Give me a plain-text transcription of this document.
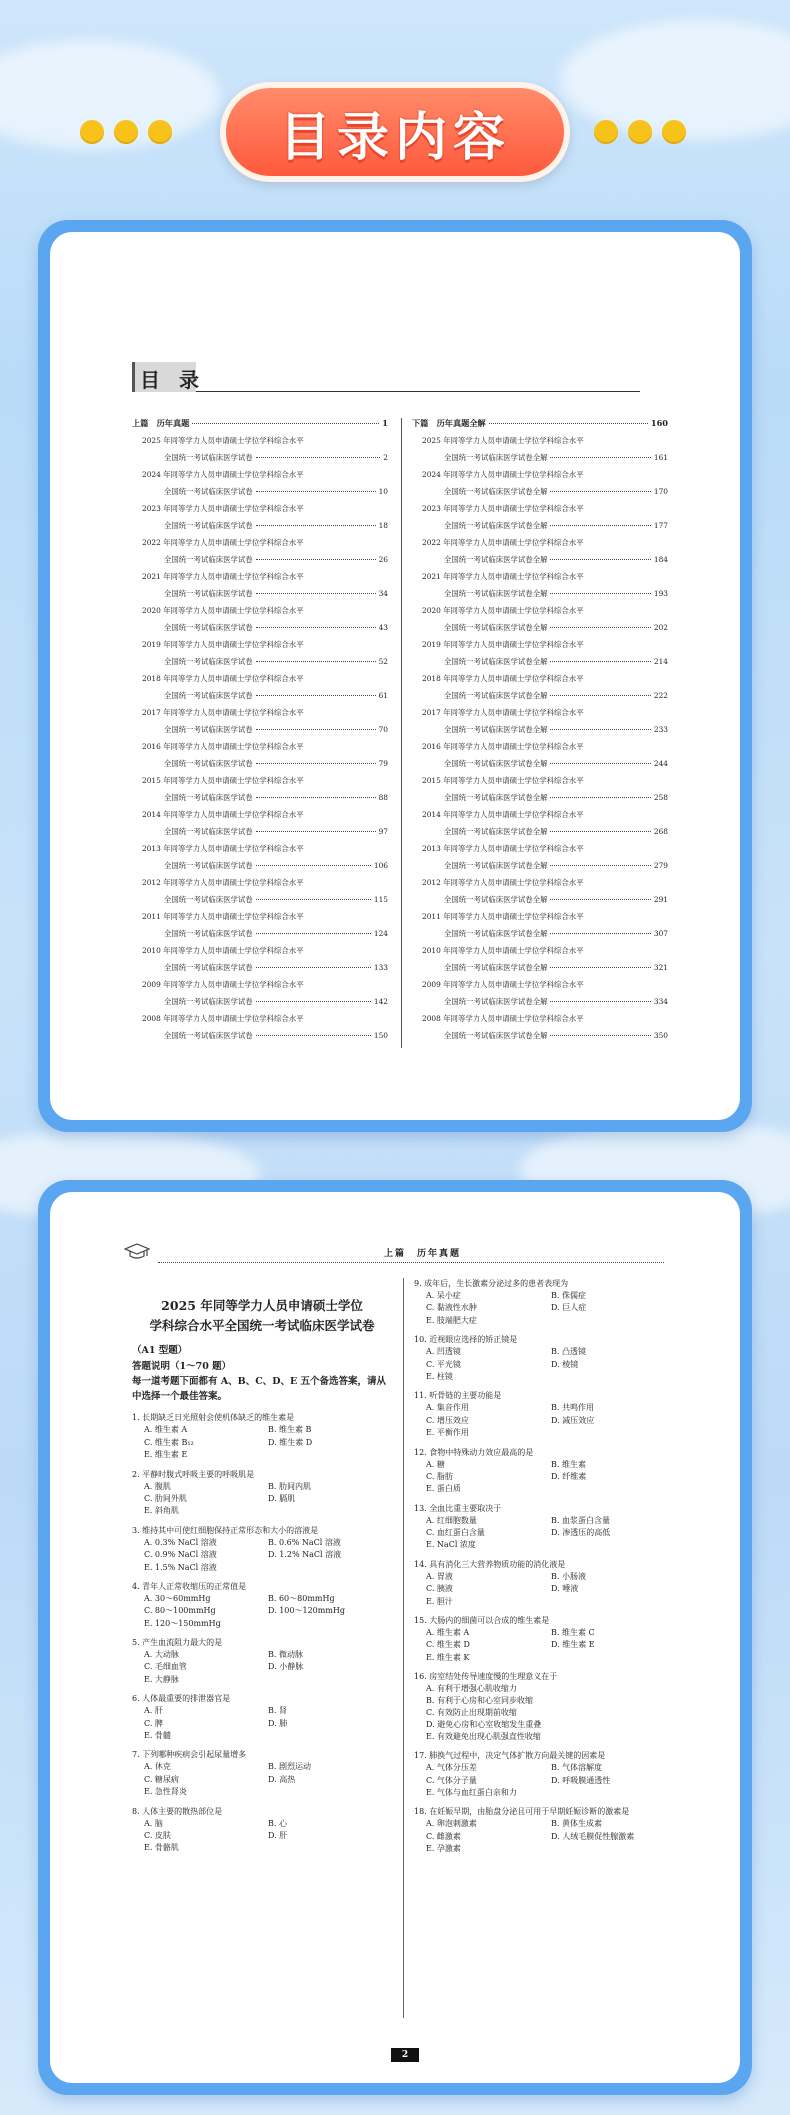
目录内容
目 录
上篇　历年真题	1
2025 年同等学力人员申请硕士学位学科综合水平
全国统一考试临床医学试卷	2
2024 年同等学力人员申请硕士学位学科综合水平
全国统一考试临床医学试卷	10
2023 年同等学力人员申请硕士学位学科综合水平
全国统一考试临床医学试卷	18
2022 年同等学力人员申请硕士学位学科综合水平
全国统一考试临床医学试卷	26
2021 年同等学力人员申请硕士学位学科综合水平
全国统一考试临床医学试卷	34
2020 年同等学力人员申请硕士学位学科综合水平
全国统一考试临床医学试卷	43
2019 年同等学力人员申请硕士学位学科综合水平
全国统一考试临床医学试卷	52
2018 年同等学力人员申请硕士学位学科综合水平
全国统一考试临床医学试卷	61
2017 年同等学力人员申请硕士学位学科综合水平
全国统一考试临床医学试卷	70
2016 年同等学力人员申请硕士学位学科综合水平
全国统一考试临床医学试卷	79
2015 年同等学力人员申请硕士学位学科综合水平
全国统一考试临床医学试卷	88
2014 年同等学力人员申请硕士学位学科综合水平
全国统一考试临床医学试卷	97
2013 年同等学力人员申请硕士学位学科综合水平
全国统一考试临床医学试卷	106
2012 年同等学力人员申请硕士学位学科综合水平
全国统一考试临床医学试卷	115
2011 年同等学力人员申请硕士学位学科综合水平
全国统一考试临床医学试卷	124
2010 年同等学力人员申请硕士学位学科综合水平
全国统一考试临床医学试卷	133
2009 年同等学力人员申请硕士学位学科综合水平
全国统一考试临床医学试卷	142
2008 年同等学力人员申请硕士学位学科综合水平
全国统一考试临床医学试卷	150
下篇　历年真题全解	160
2025 年同等学力人员申请硕士学位学科综合水平
全国统一考试临床医学试卷全解	161
2024 年同等学力人员申请硕士学位学科综合水平
全国统一考试临床医学试卷全解	170
2023 年同等学力人员申请硕士学位学科综合水平
全国统一考试临床医学试卷全解	177
2022 年同等学力人员申请硕士学位学科综合水平
全国统一考试临床医学试卷全解	184
2021 年同等学力人员申请硕士学位学科综合水平
全国统一考试临床医学试卷全解	193
2020 年同等学力人员申请硕士学位学科综合水平
全国统一考试临床医学试卷全解	202
2019 年同等学力人员申请硕士学位学科综合水平
全国统一考试临床医学试卷全解	214
2018 年同等学力人员申请硕士学位学科综合水平
全国统一考试临床医学试卷全解	222
2017 年同等学力人员申请硕士学位学科综合水平
全国统一考试临床医学试卷全解	233
2016 年同等学力人员申请硕士学位学科综合水平
全国统一考试临床医学试卷全解	244
2015 年同等学力人员申请硕士学位学科综合水平
全国统一考试临床医学试卷全解	258
2014 年同等学力人员申请硕士学位学科综合水平
全国统一考试临床医学试卷全解	268
2013 年同等学力人员申请硕士学位学科综合水平
全国统一考试临床医学试卷全解	279
2012 年同等学力人员申请硕士学位学科综合水平
全国统一考试临床医学试卷全解	291
2011 年同等学力人员申请硕士学位学科综合水平
全国统一考试临床医学试卷全解	307
2010 年同等学力人员申请硕士学位学科综合水平
全国统一考试临床医学试卷全解	321
2009 年同等学力人员申请硕士学位学科综合水平
全国统一考试临床医学试卷全解	334
2008 年同等学力人员申请硕士学位学科综合水平
全国统一考试临床医学试卷全解	350
上篇　历年真题
2025 年同等学力人员申请硕士学位
学科综合水平全国统一考试临床医学试卷
（A1 型题）
答题说明（1～70 题）
每一道考题下面都有 A、B、C、D、E 五个备选答案，请从中选择一个最佳答案。
1. 长期缺乏日光照射会使机体缺乏的维生素是
A. 维生素 A	B. 维生素 B
C. 维生素 B₁₂	D. 维生素 D
E. 维生素 E
2. 平静时腹式呼吸主要的呼吸肌是
A. 腹肌	B. 肋间内肌
C. 肋间外肌	D. 膈肌
E. 斜角肌
3. 维持其中可使红细胞保持正常形态和大小的溶液是
A. 0.3% NaCl 溶液	B. 0.6% NaCl 溶液
C. 0.9% NaCl 溶液	D. 1.2% NaCl 溶液
E. 1.5% NaCl 溶液
4. 青年人正常收缩压的正常值是
A. 30～60mmHg	B. 60～80mmHg
C. 80～100mmHg	D. 100～120mmHg
E. 120～150mmHg
5. 产生血流阻力最大的是
A. 大动脉	B. 微动脉
C. 毛细血管	D. 小静脉
E. 大静脉
6. 人体最重要的排泄器官是
A. 肝	B. 肾
C. 脾	D. 肺
E. 骨髓
7. 下列哪种疾病会引起尿量增多
A. 休克	B. 剧烈运动
C. 糖尿病	D. 高热
E. 急性肾炎
8. 人体主要的散热部位是
A. 脑	B. 心
C. 皮肤	D. 肝
E. 骨骼肌
9. 成年后，生长激素分泌过多的患者表现为
A. 呆小症	B. 侏儒症
C. 黏液性水肿	D. 巨人症
E. 肢端肥大症
10. 近视眼应选择的矫正镜是
A. 凹透镜	B. 凸透镜
C. 平光镜	D. 棱镜
E. 柱镜
11. 听骨链的主要功能是
A. 集音作用	B. 共鸣作用
C. 增压效应	D. 减压效应
E. 平衡作用
12. 食物中特殊动力效应最高的是
A. 糖	B. 维生素
C. 脂肪	D. 纤维素
E. 蛋白质
13. 全血比重主要取决于
A. 红细胞数量	B. 血浆蛋白含量
C. 血红蛋白含量	D. 渗透压的高低
E. NaCl 浓度
14. 具有消化三大营养物质功能的消化液是
A. 胃液	B. 小肠液
C. 胰液	D. 唾液
E. 胆汁
15. 大肠内的细菌可以合成的维生素是
A. 维生素 A	B. 维生素 C
C. 维生素 D	D. 维生素 E
E. 维生素 K
16. 房室结处传导速度慢的生理意义在于
A. 有利于增强心肌收缩力
B. 有利于心房和心室同步收缩
C. 有效防止出现期前收缩
D. 避免心房和心室收缩发生重叠
E. 有效避免出现心肌强直性收缩
17. 肺换气过程中，决定气体扩散方向最关键的因素是
A. 气体分压差	B. 气体溶解度
C. 气体分子量	D. 呼吸膜通透性
E. 气体与血红蛋白亲和力
18. 在妊娠早期，由胎盘分泌且可用于早期妊娠诊断的激素是
A. 卵泡刺激素	B. 黄体生成素
C. 雌激素	D. 人绒毛膜促性腺激素
E. 孕激素
2
